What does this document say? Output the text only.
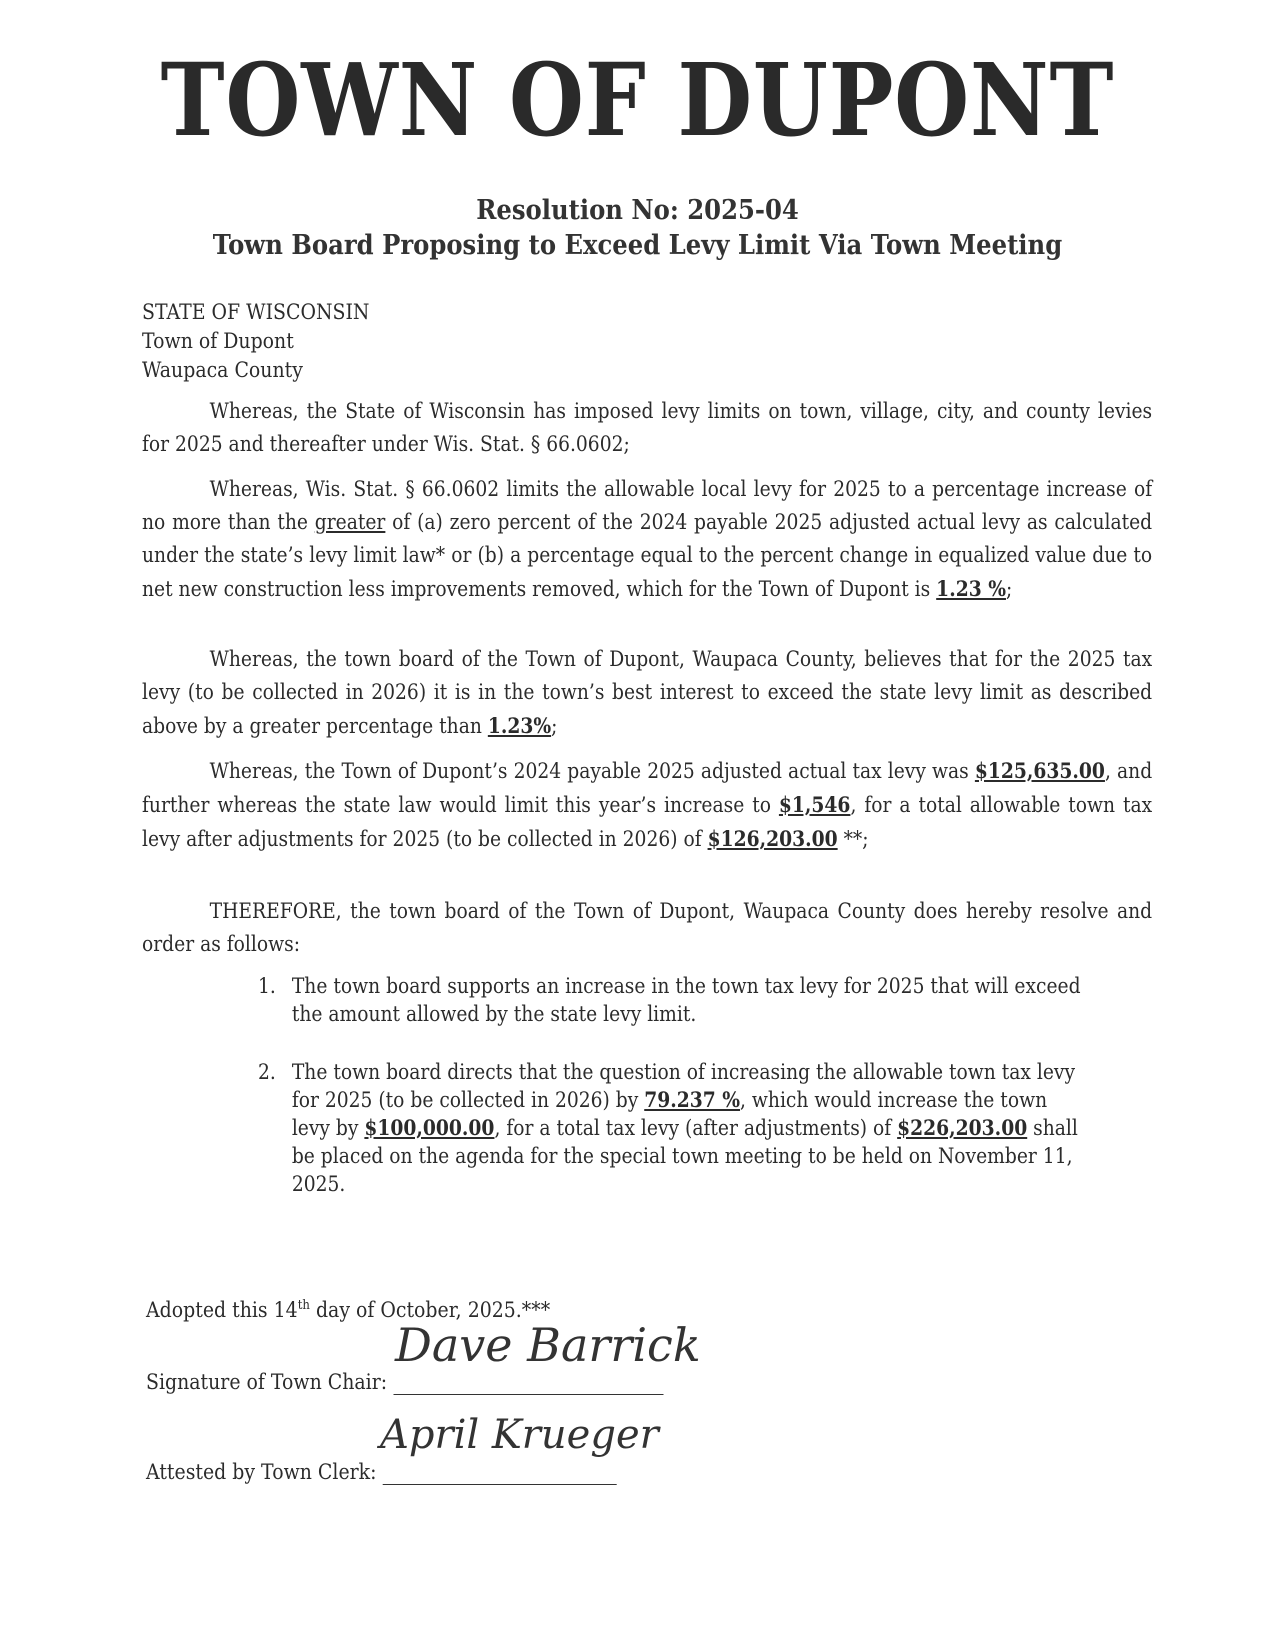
TOWN OF DUPONT
Resolution No: 2025-04
Town Board Proposing to Exceed Levy Limit Via Town Meeting
STATE OF WISCONSIN
Town of Dupont
Waupaca County
Whereas, the State of Wisconsin has imposed levy limits on town, village, city, and county levies for 2025 and thereafter under Wis. Stat. § 66.0602;
Whereas, Wis. Stat. § 66.0602 limits the allowable local levy for 2025 to a percentage increase of no more than the greater of (a) zero percent of the 2024 payable 2025 adjusted actual levy as calculated under the state’s levy limit law* or (b) a percentage equal to the percent change in equalized value due to net new construction less improvements removed, which for the Town of Dupont is 1.23 %;
Whereas, the town board of the Town of Dupont, Waupaca County, believes that for the 2025 tax levy (to be collected in 2026) it is in the town’s best interest to exceed the state levy limit as described above by a greater percentage than 1.23%;
Whereas, the Town of Dupont’s 2024 payable 2025 adjusted actual tax levy was $125,635.00, and further whereas the state law would limit this year’s increase to $1,546, for a total allowable town tax levy after adjustments for 2025 (to be collected in 2026) of $126,203.00 **;
THEREFORE, the town board of the Town of Dupont, Waupaca County does hereby resolve and order as follows:
1. The town board supports an increase in the town tax levy for 2025 that will exceed the amount allowed by the state levy limit.
2. The town board directs that the question of increasing the allowable town tax levy for 2025 (to be collected in 2026) by 79.237 %, which would increase the town levy by $100,000.00, for a total tax levy (after adjustments) of $226,203.00 shall be placed on the agenda for the special town meeting to be held on November 11, 2025.
Adopted this 14th day of October, 2025.***
Signature of Town Chair:
Dave Barrick
Attested by Town Clerk:
April Krueger
